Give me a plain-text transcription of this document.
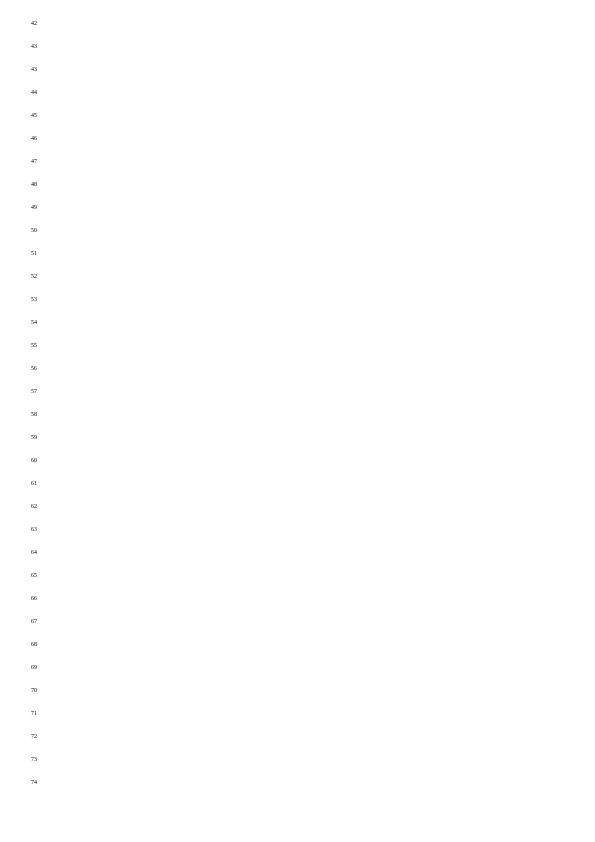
42
43
43
44
45
46
47
48
49
50
51
52
53
54
55
56
57
58
59
60
61
62
63
64
65
66
67
68
69
70
71
72
73
74
